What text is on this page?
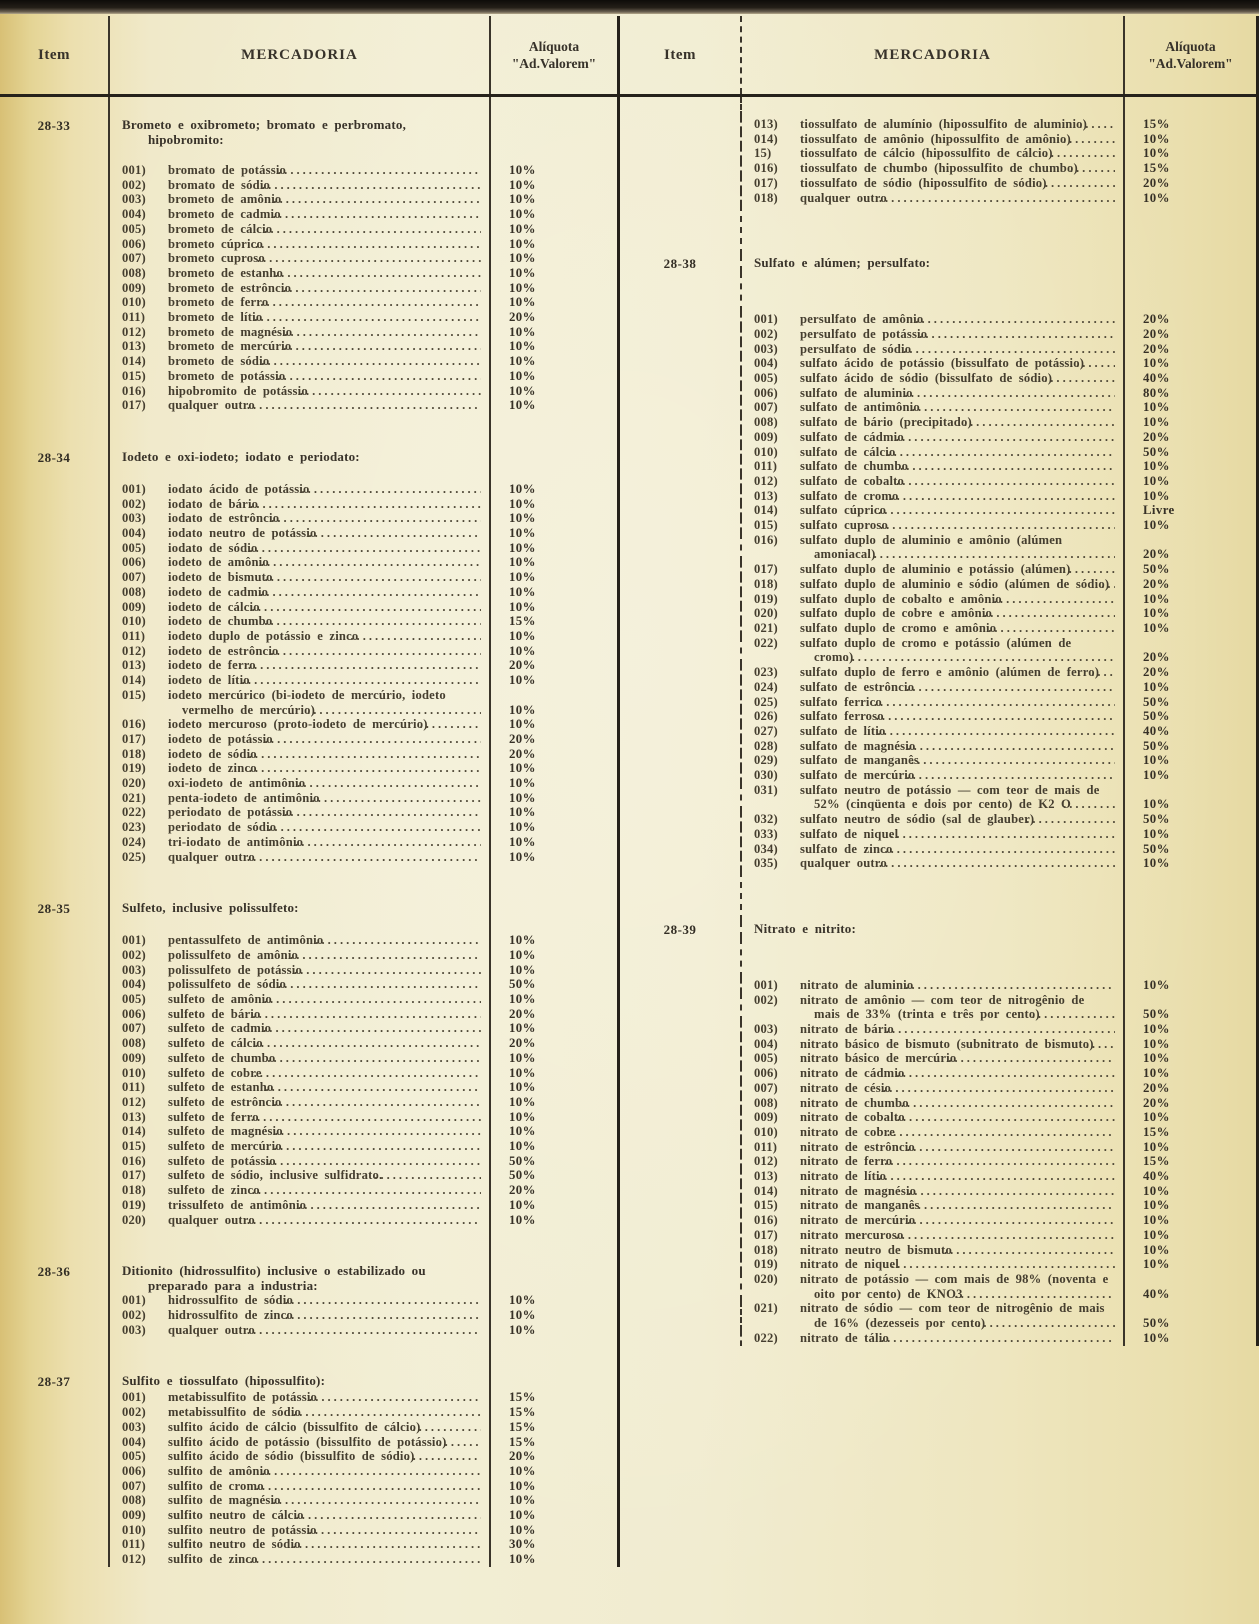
Item	MERCADORIA	Alíquota
"Ad.Valorem"
28-33	Brometo e oxibrometo; bromato e perbromato, hipobromito:
001)	bromato de potássio .....	10%
002)	bromato de sódio .....	10%
003)	brometo de amônio .....	10%
004)	brometo de cadmio .....	10%
005)	brometo de cálcio .....	10%
006)	brometo cúprico .....	10%
007)	brometo cuproso .....	10%
008)	brometo de estanho .....	10%
009)	brometo de estrôncio .....	10%
010)	brometo de ferro .....	10%
011)	brometo de lítio .....	20%
012)	brometo de magnésio .....	10%
013)	brometo de mercúrio .....	10%
014)	brometo de sódio .....	10%
015)	brometo de potássio .....	10%
016)	hipobromito de potássio .....	10%
017)	qualquer outro .....	10%
28-34	Iodeto e oxi-iodeto; iodato e periodato:
001)	iodato ácido de potássio .....	10%
002)	iodato de bário .....	10%
003)	iodato de estrôncio .....	10%
004)	iodato neutro de potássio .....	10%
005)	iodato de sódio .....	10%
006)	iodeto de amônio .....	10%
007)	iodeto de bismuto .....	10%
008)	iodeto de cadmio .....	10%
009)	iodeto de cálcio .....	10%
010)	iodeto de chumbo .....	15%
011)	iodeto duplo de potássio e zinco .....	10%
012)	iodeto de estrôncio .....	10%
013)	iodeto de ferro .....	20%
014)	iodeto de lítio .....	10%
015)	iodeto mercúrico (bi-iodeto de mercúrio, iodeto vermelho de mercúrio) .....	10%
016)	iodeto mercuroso (proto-iodeto de mercúrio) .....	10%
017)	iodeto de potássio .....	20%
018)	iodeto de sódio .....	20%
019)	iodeto de zinco .....	10%
020)	oxi-iodeto de antimônio .....	10%
021)	penta-iodeto de antimônio .....	10%
022)	periodato de potássio .....	10%
023)	periodato de sódio .....	10%
024)	tri-iodato de antimônio .....	10%
025)	qualquer outro .....	10%
28-35	Sulfeto, inclusive polissulfeto:
001)	pentassulfeto de antimônio .....	10%
002)	polissulfeto de amônio .....	10%
003)	polissulfeto de potássio .....	10%
004)	polissulfeto de sódio .....	50%
005)	sulfeto de amônio .....	10%
006)	sulfeto de bário .....	20%
007)	sulfeto de cadmio .....	10%
008)	sulfeto de cálcio .....	20%
009)	sulfeto de chumbo .....	10%
010)	sulfeto de cobre .....	10%
011)	sulfeto de estanho .....	10%
012)	sulfeto de estrôncio .....	10%
013)	sulfeto de ferro .....	10%
014)	sulfeto de magnésio .....	10%
015)	sulfeto de mercúrio .....	10%
016)	sulfeto de potássio .....	50%
017)	sulfeto de sódio, inclusive sulfidrato. .....	50%
018)	sulfeto de zinco .....	20%
019)	trissulfeto de antimônio .....	10%
020)	qualquer outro .....	10%
28-36	Ditionito (hidrossulfito) inclusive o estabilizado ou preparado para a industria:
001)	hidrossulfito de sódio .....	10%
002)	hidrossulfito de zinco .....	10%
003)	qualquer outro .....	10%
28-37	Sulfito e tiossulfato (hipossulfito):
001)	metabissulfito de potássio .....	15%
002)	metabissulfito de sódio .....	15%
003)	sulfito ácido de cálcio (bissulfito de cálcio) .....	15%
004)	sulfito ácido de potássio (bissulfito de potássio) .....	15%
005)	sulfito ácido de sódio (bissulfito de sódio) .....	20%
006)	sulfito de amônio .....	10%
007)	sulfito de cromo .....	10%
008)	sulfito de magnésio .....	10%
009)	sulfito neutro de cálcio .....	10%
010)	sulfito neutro de potássio .....	10%
011)	sulfito neutro de sódio .....	30%
012)	sulfito de zinco .....	10%
Item	MERCADORIA	Alíquota
"Ad.Valorem"
013)	tiossulfato de alumínio (hipossulfito de aluminio) .....	15%
014)	tiossulfato de amônio (hipossulfito de amônio) .....	10%
15)	tiossulfato de cálcio (hipossulfito de cálcio) .....	10%
016)	tiossulfato de chumbo (hipossulfito de chumbo) .....	15%
017)	tiossulfato de sódio (hipossulfito de sódio) .....	20%
018)	qualquer outro .....	10%
28-38	Sulfato e alúmen; persulfato:
001)	persulfato de amônio .....	20%
002)	persulfato de potássio .....	20%
003)	persulfato de sódio .....	20%
004)	sulfato ácido de potássio (bissulfato de potássio) .....	10%
005)	sulfato ácido de sódio (bissulfato de sódio) .....	40%
006)	sulfato de aluminio .....	80%
007)	sulfato de antimônio .....	10%
008)	sulfato de bário (precipitado) .....	10%
009)	sulfato de cádmio .....	20%
010)	sulfato de cálcio .....	50%
011)	sulfato de chumbo .....	10%
012)	sulfato de cobalto .....	10%
013)	sulfato de cromo .....	10%
014)	sulfato cúprico .....	Livre
015)	sulfato cuproso .....	10%
016)	sulfato duplo de aluminio e amônio (alúmen amoniacal) .....	20%
017)	sulfato duplo de aluminio e potássio (alúmen) .....	50%
018)	sulfato duplo de aluminio e sódio (alúmen de sódio) .....	20%
019)	sulfato duplo de cobalto e amônio .....	10%
020)	sulfato duplo de cobre e amônio .....	10%
021)	sulfato duplo de cromo e amônio .....	10%
022)	sulfato duplo de cromo e potássio (alúmen de cromo) .....	20%
023)	sulfato duplo de ferro e amônio (alúmen de ferro) .....	20%
024)	sulfato de estrôncio .....	10%
025)	sulfato ferrico .....	50%
026)	sulfato ferroso .....	50%
027)	sulfato de lítio .....	40%
028)	sulfato de magnésio .....	50%
029)	sulfato de manganês .....	10%
030)	sulfato de mercúrio .....	10%
031)	sulfato neutro de potássio — com teor de mais de 52% (cinqüenta e dois por cento) de K2 O .....	10%
032)	sulfato neutro de sódio (sal de glauber) .....	50%
033)	sulfato de niquel .....	10%
034)	sulfato de zinco .....	50%
035)	qualquer outro .....	10%
28-39	Nitrato e nitrito:
001)	nitrato de aluminio .....	10%
002)	nitrato de amônio — com teor de nitrogênio de mais de 33% (trinta e três por cento) .....	50%
003)	nitrato de bário .....	10%
004)	nitrato básico de bismuto (subnitrato de bismuto) .....	10%
005)	nitrato básico de mercúrio .....	10%
006)	nitrato de cádmio .....	10%
007)	nitrato de césio .....	20%
008)	nitrato de chumbo .....	20%
009)	nitrato de cobalto .....	10%
010)	nitrato de cobre .....	15%
011)	nitrato de estrôncio .....	10%
012)	nitrato de ferro .....	15%
013)	nitrato de lítio .....	40%
014)	nitrato de magnésio .....	10%
015)	nitrato de manganês .....	10%
016)	nitrato de mercúrio .....	10%
017)	nitrato mercuroso .....	10%
018)	nitrato neutro de bismuto .....	10%
019)	nitrato de niquel .....	10%
020)	nitrato de potássio — com mais de 98% (noventa e oito por cento) de KNO3 .....	40%
021)	nitrato de sódio — com teor de nitrogênio de mais de 16% (dezesseis por cento) .....	50%
022)	nitrato de tálio .....	10%
